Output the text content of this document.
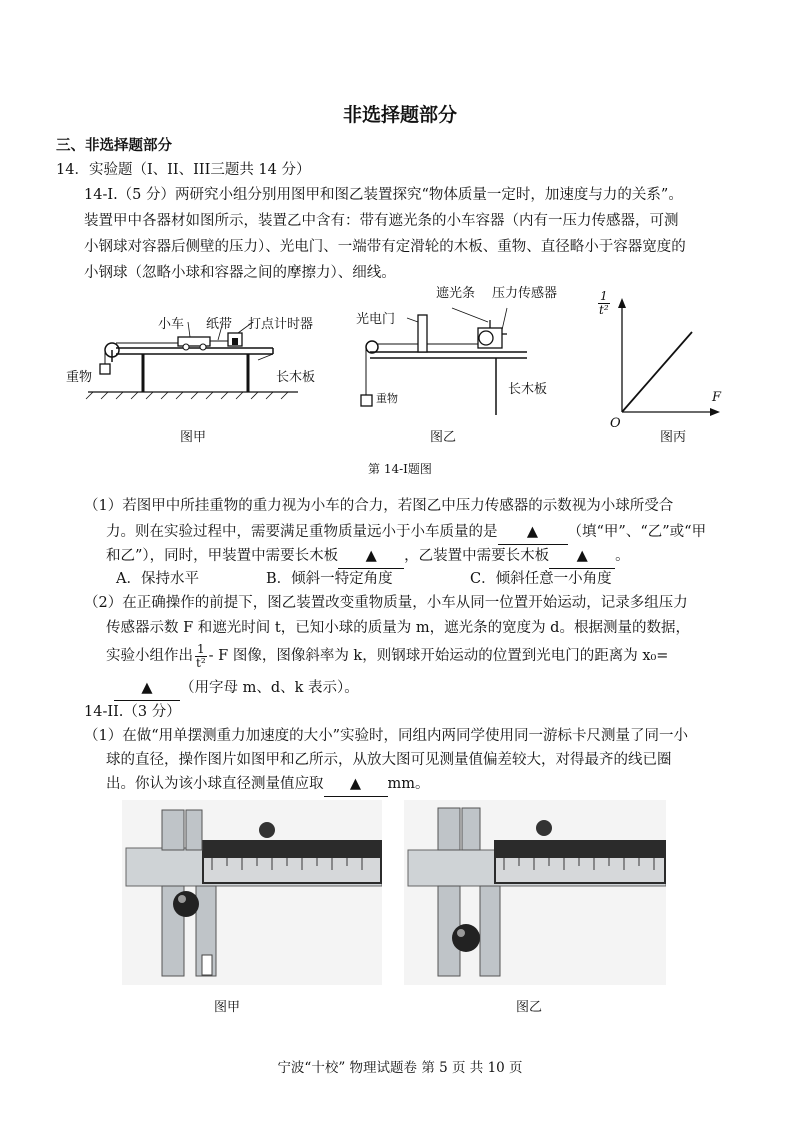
非选择题部分
三、非选择题部分
14．实验题（I、II、III三题共 14 分）
14-I.（5 分）两研究小组分别用图甲和图乙装置探究“物体质量一定时，加速度与力的关系”。
装置甲中各器材如图所示，装置乙中含有：带有遮光条的小车容器（内有一压力传感器，可测
小钢球对容器后侧壁的压力）、光电门、一端带有定滑轮的木板、重物、直径略小于容器宽度的
小钢球（忽略小球和容器之间的摩擦力）、细线。
小车 纸带 打点计时器
重物	长木板
图甲
遮光条 压力传感器
光电门
长木板
重物
图乙
$\frac{1}{\text{t²}}$
F
O
图丙
第 14-I题图
（1）若图甲中所挂重物的重力视为小车的合力，若图乙中压力传感器的示数视为小球所受合
力。则在实验过程中，需要满足重物质量远小于小车质量的是 ▲ （填“甲”、“乙”或“甲
和乙”），同时，甲装置中需要长木板 ▲ ，乙装置中需要长木板 ▲ 。
A．保持水平	B．倾斜一特定角度	C．倾斜任意一小角度
（2）在正确操作的前提下，图乙装置改变重物质量，小车从同一位置开始运动，记录多组压力
传感器示数 F 和遮光时间 t，已知小球的质量为 m，遮光条的宽度为 d。根据测量的数据，
实验小组作出 $\frac{1}{\text{t²}}$ - F 图像，图像斜率为 k，则钢球开始运动的位置到光电门的距离为 x₀=
▲ （用字母 m、d、k 表示）。
14-II.（3 分）
（1）在做“用单摆测重力加速度的大小”实验时，同组内两同学使用同一游标卡尺测量了同一小
球的直径，操作图片如图甲和乙所示，从放大图可见测量值偏差较大，对得最齐的线已圈
出。你认为该小球直径测量值应取 ▲ mm。
图甲	图乙
宁波“十校” 物理试题卷 第 5 页 共 10 页
